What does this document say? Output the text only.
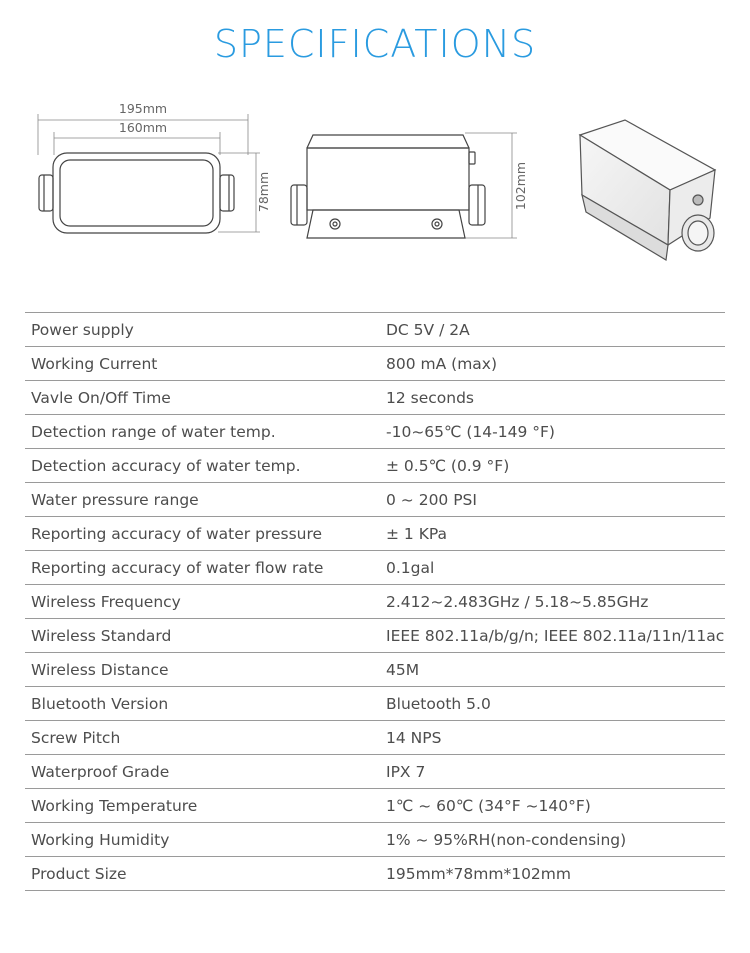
SPECIFICATIONS
195mm
160mm
78mm	102mm
Power supply	DC 5V / 2A
Working Current	800 mA (max)
Vavle On/Off Time	12 seconds
Detection range of water temp.	-10~65℃ (14-149 °F)
Detection accuracy of water temp.	± 0.5℃ (0.9 °F)
Water pressure range	0 ~ 200 PSI
Reporting accuracy of water pressure	± 1 KPa
Reporting accuracy of water flow rate	0.1gal
Wireless Frequency	2.412~2.483GHz / 5.18~5.85GHz
Wireless Standard	IEEE 802.11a/b/g/n; IEEE 802.11a/11n/11ac
Wireless Distance	45M
Bluetooth Version	Bluetooth 5.0
Screw Pitch	14 NPS
Waterproof Grade	IPX 7
Working Temperature	1℃ ~ 60℃ (34°F ~140°F)
Working Humidity	1% ~ 95%RH(non-condensing)
Product Size	195mm*78mm*102mm
